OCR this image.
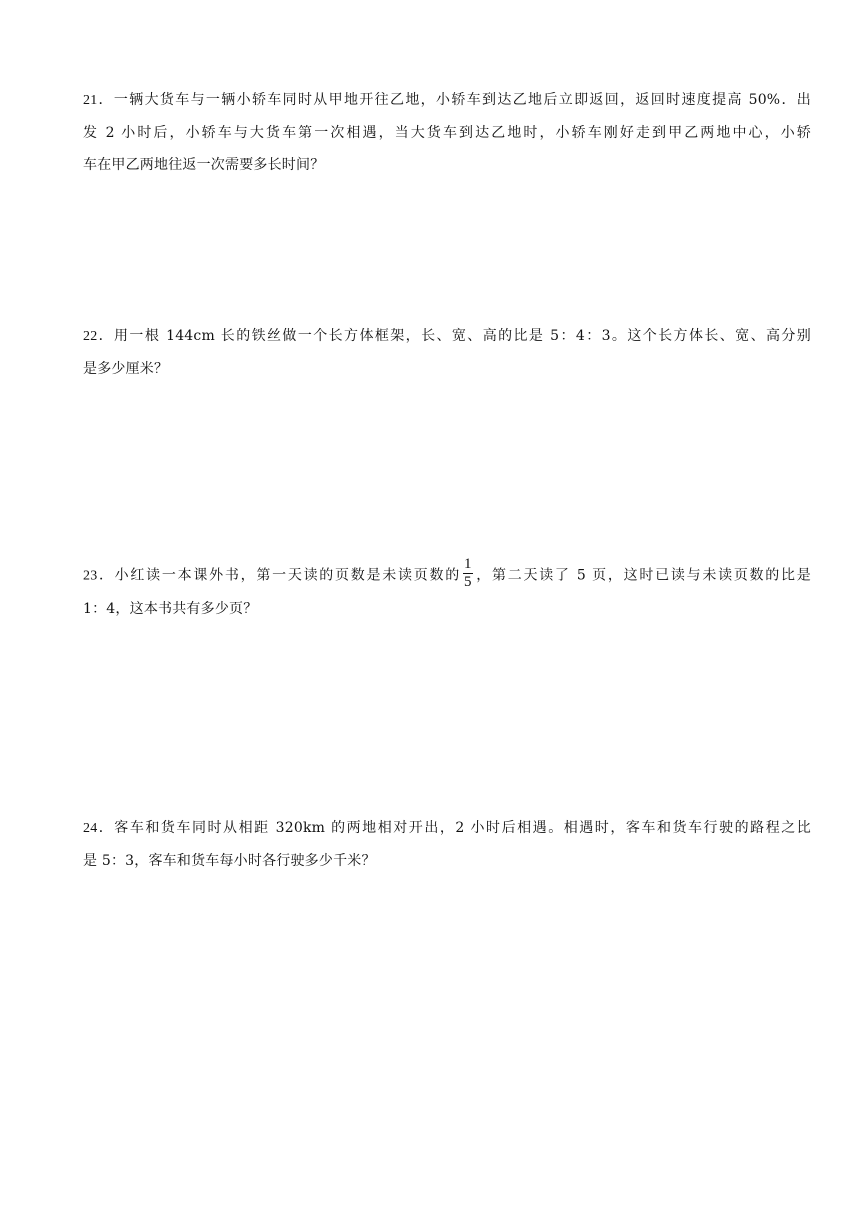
21．一辆大货车与一辆小轿车同时从甲地开往乙地，小轿车到达乙地后立即返回，返回时速度提高 50%．出
发 2 小时后，小轿车与大货车第一次相遇，当大货车到达乙地时，小轿车刚好走到甲乙两地中心，小轿
车在甲乙两地往返一次需要多长时间？
22．用一根 144cm 长的铁丝做一个长方体框架，长、宽、高的比是 5：4：3。这个长方体长、宽、高分别
是多少厘米？
23．小红读一本课外书，第一天读的页数是未读页数的 $\frac{1}{5}$ ，第二天读了 5 页，这时已读与未读页数的比是
1：4，这本书共有多少页？
24．客车和货车同时从相距 320km 的两地相对开出，2 小时后相遇。相遇时，客车和货车行驶的路程之比
是 5：3，客车和货车每小时各行驶多少千米？
